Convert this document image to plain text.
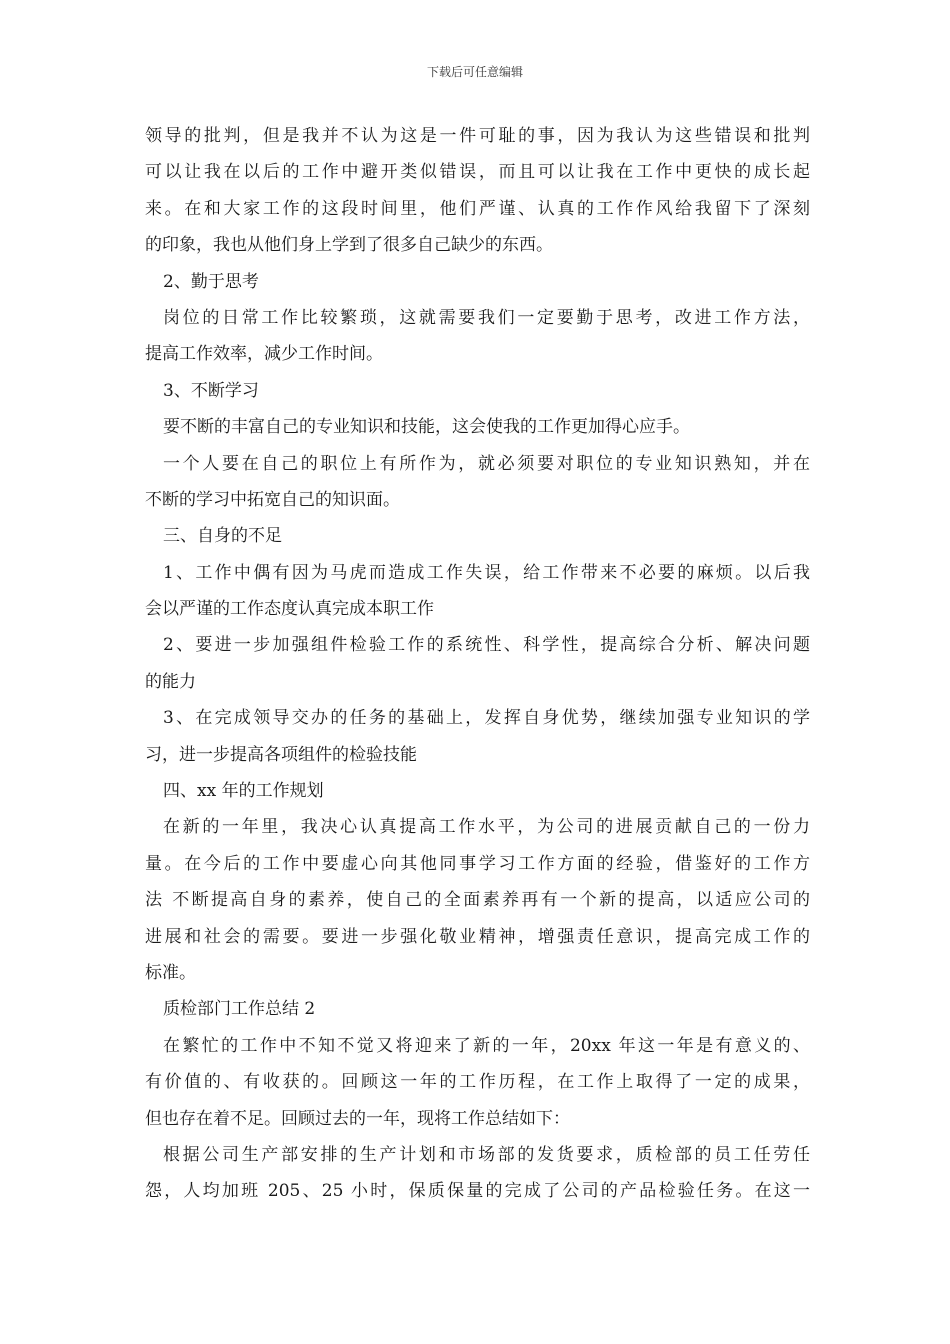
下载后可任意编辑
领导的批判，但是我并不认为这是一件可耻的事，因为我认为这些错误和批判
可以让我在以后的工作中避开类似错误，而且可以让我在工作中更快的成长起
来。在和大家工作的这段时间里，他们严谨、认真的工作作风给我留下了深刻
的印象，我也从他们身上学到了很多自己缺少的东西。
2、勤于思考
岗位的日常工作比较繁琐，这就需要我们一定要勤于思考，改进工作方法，
提高工作效率，减少工作时间。
3、不断学习
要不断的丰富自己的专业知识和技能，这会使我的工作更加得心应手。
一个人要在自己的职位上有所作为，就必须要对职位的专业知识熟知，并在
不断的学习中拓宽自己的知识面。
三、自身的不足
1、工作中偶有因为马虎而造成工作失误，给工作带来不必要的麻烦。以后我
会以严谨的工作态度认真完成本职工作
2、要进一步加强组件检验工作的系统性、科学性，提高综合分析、解决问题
的能力
3、在完成领导交办的任务的基础上，发挥自身优势，继续加强专业知识的学
习，进一步提高各项组件的检验技能
四、xx 年的工作规划
在新的一年里，我决心认真提高工作水平，为公司的进展贡献自己的一份力
量。在今后的工作中要虚心向其他同事学习工作方面的经验，借鉴好的工作方
法 不断提高自身的素养，使自己的全面素养再有一个新的提高，以适应公司的
进展和社会的需要。要进一步强化敬业精神，增强责任意识，提高完成工作的
标准。
质检部门工作总结 2
在繁忙的工作中不知不觉又将迎来了新的一年，20xx 年这一年是有意义的、
有价值的、有收获的。回顾这一年的工作历程，在工作上取得了一定的成果，
但也存在着不足。回顾过去的一年，现将工作总结如下：
根据公司生产部安排的生产计划和市场部的发货要求，质检部的员工任劳任
怨，人均加班 205、25 小时，保质保量的完成了公司的产品检验任务。在这一
